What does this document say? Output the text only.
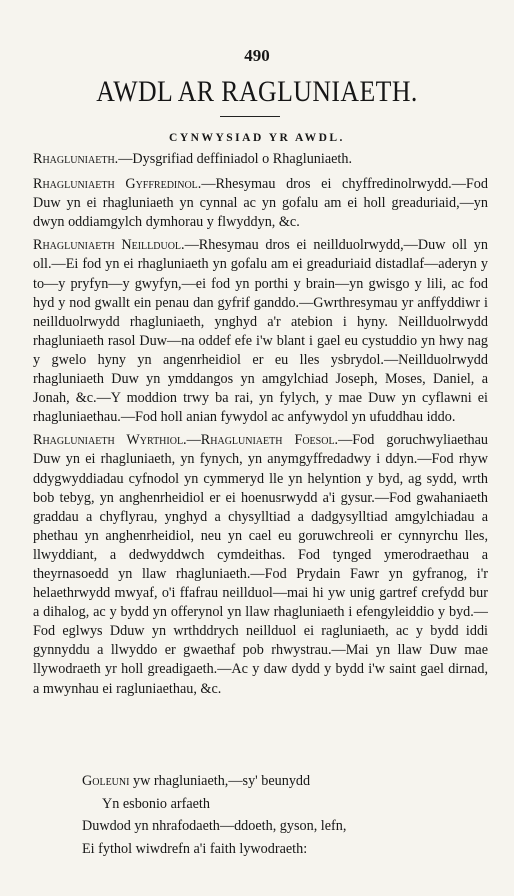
490
AWDL AR RAGLUNIAETH.
CYNWYSIAD YR AWDL.

Rhagluniaeth.—Dysgrifiad deffiniadol o Rhagluniaeth.

Rhagluniaeth Gyffredinol.—Rhesymau dros ei chyffredinolrwydd.—Fod Duw yn ei rhagluniaeth yn cynnal ac yn gofalu am ei holl greaduriaid,—yn dwyn oddiamgylch dymhorau y flwyddyn, &c.

Rhagluniaeth Neillduol.—Rhesymau dros ei neillduolrwydd,—Duw oll yn oll.—Ei fod yn ei rhagluniaeth yn gofalu am ei greaduriaid distadlaf—aderyn y to—y pryfyn—y gwyfyn,—ei fod yn porthi y brain—yn gwisgo y lili, ac fod hyd y nod gwallt ein penau dan gyfrif ganddo.—Gwrthresymau yr anffyddiwr i neillduolrwydd rhagluniaeth, ynghyd a'r atebion i hyny. Neillduolrwydd rhagluniaeth rasol Duw—na oddef efe i'w blant i gael eu cystuddio yn hwy nag y gwelo hyny yn angenrheidiol er eu lles ysbrydol.—Neillduolrwydd rhagluniaeth Duw yn ymddangos yn amgylchiad Joseph, Moses, Daniel, a Jonah, &c.—Y moddion trwy ba rai, yn fylych, y mae Duw yn cyflawni ei rhagluniaethau.—Fod holl anian fywydol ac anfywydol yn ufuddhau iddo.

Rhagluniaeth Wyrthiol.—Rhagluniaeth Foesol.—Fod goruchwyliaethau Duw yn ei rhagluniaeth, yn fynych, yn anymgyffredadwy i ddyn.—Fod rhyw ddygwyddiadau cyfnodol yn cymmeryd lle yn helyntion y byd, ag sydd, wrth bob tebyg, yn anghenrheidiol er ei hoenusrwydd a'i gysur.—Fod gwahaniaeth graddau a chyflyrau, ynghyd a chysylltiad a dadgysylltiad amgylchiadau a phethau yn anghenrheidiol, neu yn cael eu goruwchreoli er cynnyrchu lles, llwyddiant, a dedwyddwch cymdeithas. Fod tynged ymerodraethau a theyrnasoedd yn llaw rhagluniaeth.—Fod Prydain Fawr yn gyfranog, i'r helaethrwydd mwyaf, o'i ffafrau neillduol—mai hi yw unig gartref crefydd bur a dihalog, ac y bydd yn offerynol yn llaw rhagluniaeth i efengyleiddio y byd.—Fod eglwys Dduw yn wrthddrych neillduol ei ragluniaeth, ac y bydd iddi gynnyddu a llwyddo er gwaethaf pob rhwystrau.—Mai yn llaw Duw mae llywodraeth yr holl greadigaeth.—Ac y daw dydd y bydd i'w saint gael dirnad, a mwynhau ei ragluniaethau, &c.

Goleuni yw rhagluniaeth,—sy' beunydd
Yn esbonio arfaeth
Duwdod yn nhrafodaeth—ddoeth, gyson, lefn,
Ei fythol wiwdrefn a'i faith lywodraeth:
